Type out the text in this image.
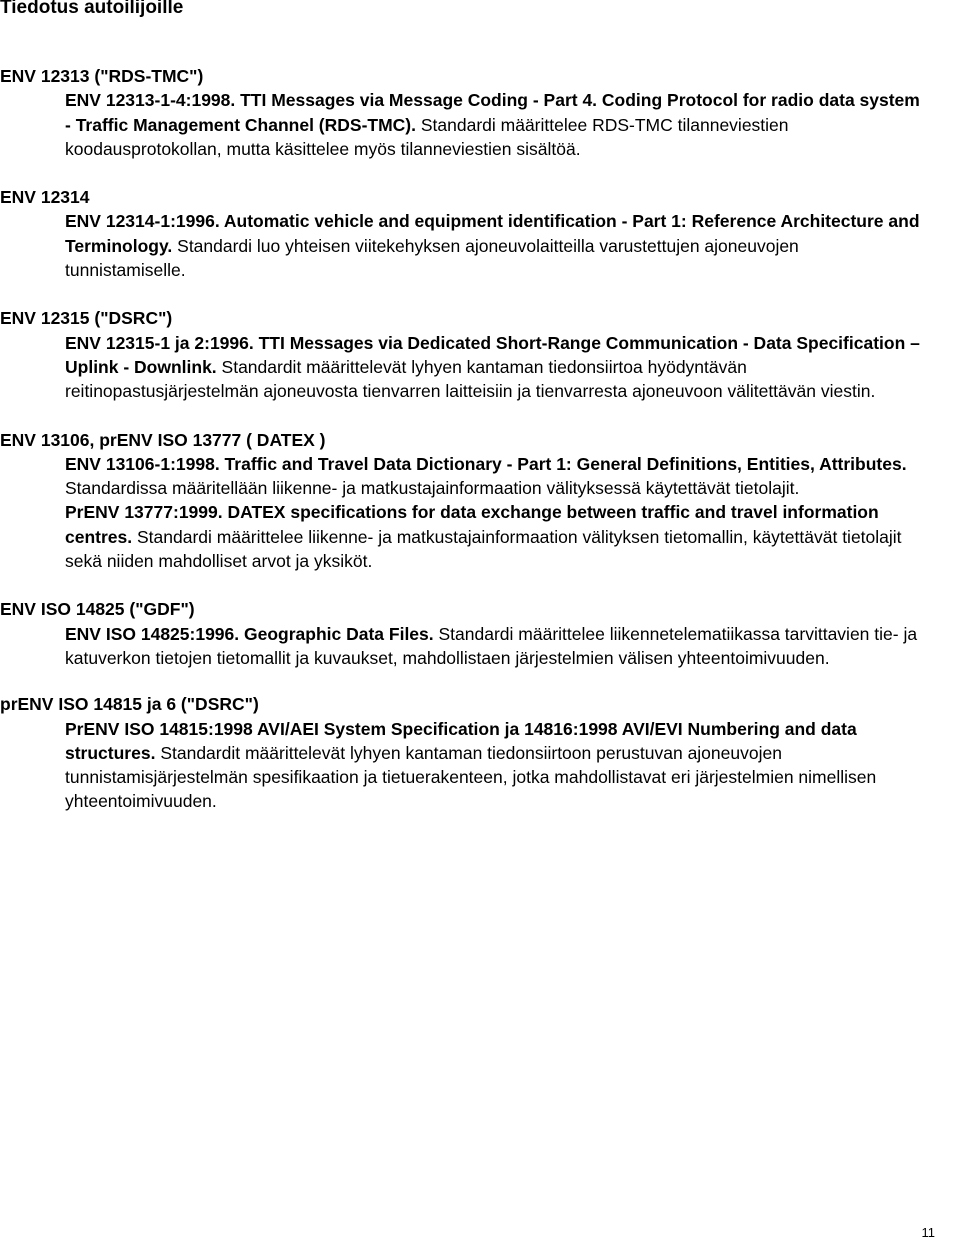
Tiedotus autoilijoille
ENV 12313 ("RDS-TMC")

ENV 12313-1-4:1998. TTI Messages via Message Coding - Part 4. Coding Protocol for radio data system - Traffic Management Channel (RDS-TMC). Standardi määrittelee RDS-TMC tilanneviestien koodausprotokollan, mutta käsittelee myös tilanneviestien sisältöä.

ENV 12314

ENV 12314-1:1996. Automatic vehicle and equipment identification - Part 1: Reference Architecture and Terminology. Standardi luo yhteisen viitekehyksen ajoneuvolaitteilla varustettujen ajoneuvojen tunnistamiselle.

ENV 12315 ("DSRC")

ENV 12315-1 ja 2:1996. TTI Messages via Dedicated Short-Range Communication - Data Specification – Uplink - Downlink. Standardit määrittelevät lyhyen kantaman tiedonsiirtoa hyödyntävän reitinopastusjärjestelmän ajoneuvosta tienvarren laitteisiin ja tienvarresta ajoneuvoon välitettävän viestin.

ENV 13106, prENV ISO 13777 ( DATEX )

ENV 13106-1:1998. Traffic and Travel Data Dictionary - Part 1: General Definitions, Entities, Attributes. Standardissa määritellään liikenne- ja matkustajainformaation välityksessä käytettävät tietolajit.

PrENV 13777:1999. DATEX specifications for data exchange between traffic and travel information centres. Standardi määrittelee liikenne- ja matkustajainformaation välityksen tietomallin, käytettävät tietolajit sekä niiden mahdolliset arvot ja yksiköt.

ENV ISO 14825 ("GDF")

ENV ISO 14825:1996. Geographic Data Files. Standardi määrittelee liikennetelematiikassa tarvittavien tie- ja katuverkon tietojen tietomallit ja kuvaukset, mahdollistaen järjestelmien välisen yhteentoimivuuden.

prENV ISO 14815 ja 6 ("DSRC")

PrENV ISO 14815:1998 AVI/AEI System Specification ja 14816:1998 AVI/EVI Numbering and data structures. Standardit määrittelevät lyhyen kantaman tiedonsiirtoon perustuvan ajoneuvojen tunnistamisjärjestelmän spesifikaation ja tietuerakenteen, jotka mahdollistavat eri järjestelmien nimellisen yhteentoimivuuden.

11
